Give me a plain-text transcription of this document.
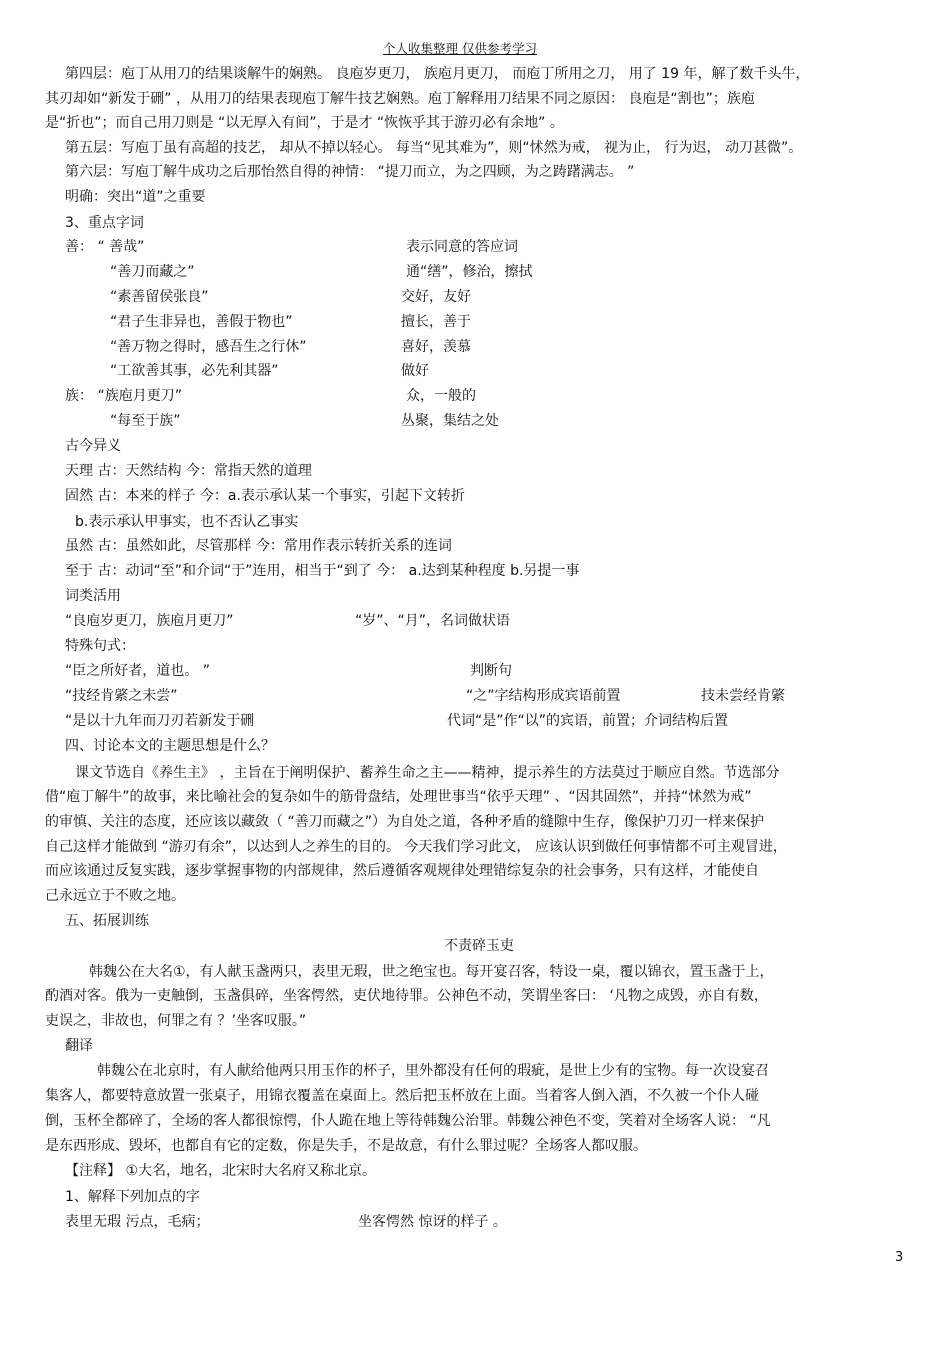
个人收集整理 仅供参考学习
第四层：庖丁从用刀的结果谈解牛的娴熟。 良庖岁更刀， 族庖月更刀， 而庖丁所用之刀， 用了 19 年，解了数千头牛，
其刃却如“新发于硎” ，从用刀的结果表现庖丁解牛技艺娴熟。庖丁解释用刀结果不同之原因： 良庖是“割也”；族庖
是“折也”；而自己用刀则是 “以无厚入有间”，于是才 “恢恢乎其于游刃必有余地” 。
第五层：写庖丁虽有高超的技艺， 却从不掉以轻心。 每当“见其难为”，则“怵然为戒， 视为止， 行为迟， 动刀甚微”。
第六层：写庖丁解牛成功之后那怡然自得的神情： “提刀而立，为之四顾，为之踌躇满志。 ”
明确：突出“道”之重要
3、重点字词
善： “ 善哉”	表示同意的答应词
“善刀而藏之”	通“缮”，修治，擦拭
“素善留侯张良”	交好，友好
“君子生非异也，善假于物也”	擅长，善于
“善万物之得时，感吾生之行休”	喜好，羡慕
“工欲善其事，必先利其器”	做好
族： “族庖月更刀”	众，一般的
“每至于族”	丛聚，集结之处
古今异义
天理 古：天然结构 今：常指天然的道理
固然 古：本来的样子 今：a.表示承认某一个事实，引起下文转折
b.表示承认甲事实，也不否认乙事实
虽然 古：虽然如此，尽管那样 今：常用作表示转折关系的连词
至于 古：动词“至”和介词“于”连用，相当于“到了 今： a.达到某种程度 b.另提一事
词类活用
“良庖岁更刀，族庖月更刀”	“岁”、“月”，名词做状语
特殊句式：
“臣之所好者，道也。 ”	判断句
“技经肯綮之未尝”	“之”字结构形成宾语前置	技未尝经肯綮
“是以十九年而刀刃若新发于硎	代词“是”作“以”的宾语，前置；介词结构后置
四、讨论本文的主题思想是什么？
课文节选自《养生主》 ，主旨在于阐明保护、蓄养生命之主——精神，提示养生的方法莫过于顺应自然。节选部分
借“庖丁解牛”的故事，来比喻社会的复杂如牛的筋骨盘结，处理世事当“依乎天理” 、“因其固然”，并持“怵然为戒”
的审慎、关注的态度，还应该以藏敛（ “善刀而藏之”）为自处之道，各种矛盾的缝隙中生存，像保护刀刃一样来保护
自己这样才能做到 “游刃有余”，以达到人之养生的目的。 今天我们学习此文， 应该认识到做任何事情都不可主观冒进，
而应该通过反复实践，逐步掌握事物的内部规律，然后遵循客观规律处理错综复杂的社会事务，只有这样，才能使自
己永远立于不败之地。
五、拓展训练
不责碎玉吏
韩魏公在大名①，有人献玉盏两只，表里无瑕，世之绝宝也。每开宴召客，特设一桌，覆以锦衣，置玉盏于上，
酌酒对客。俄为一吏触倒，玉盏俱碎，坐客愕然，吏伏地待罪。公神色不动，笑谓坐客曰： ‘凡物之成毁，亦自有数，
吏误之，非故也，何罪之有 ？’坐客叹服。”
翻译
韩魏公在北京时，有人献给他两只用玉作的杯子，里外都没有任何的瑕疵，是世上少有的宝物。每一次设宴召
集客人，都要特意放置一张桌子，用锦衣覆盖在桌面上。然后把玉杯放在上面。当着客人倒入酒，不久被一个仆人碰
倒，玉杯全都碎了，全场的客人都很惊愕，仆人跪在地上等待韩魏公治罪。韩魏公神色不变，笑着对全场客人说： “凡
是东西形成、毁坏，也都自有它的定数，你是失手，不是故意，有什么罪过呢？全场客人都叹服。
【注释】 ①大名，地名，北宋时大名府又称北京。
1、解释下列加点的字
表里无瑕 污点，毛病；	坐客愕然 惊讶的样子 。
3
